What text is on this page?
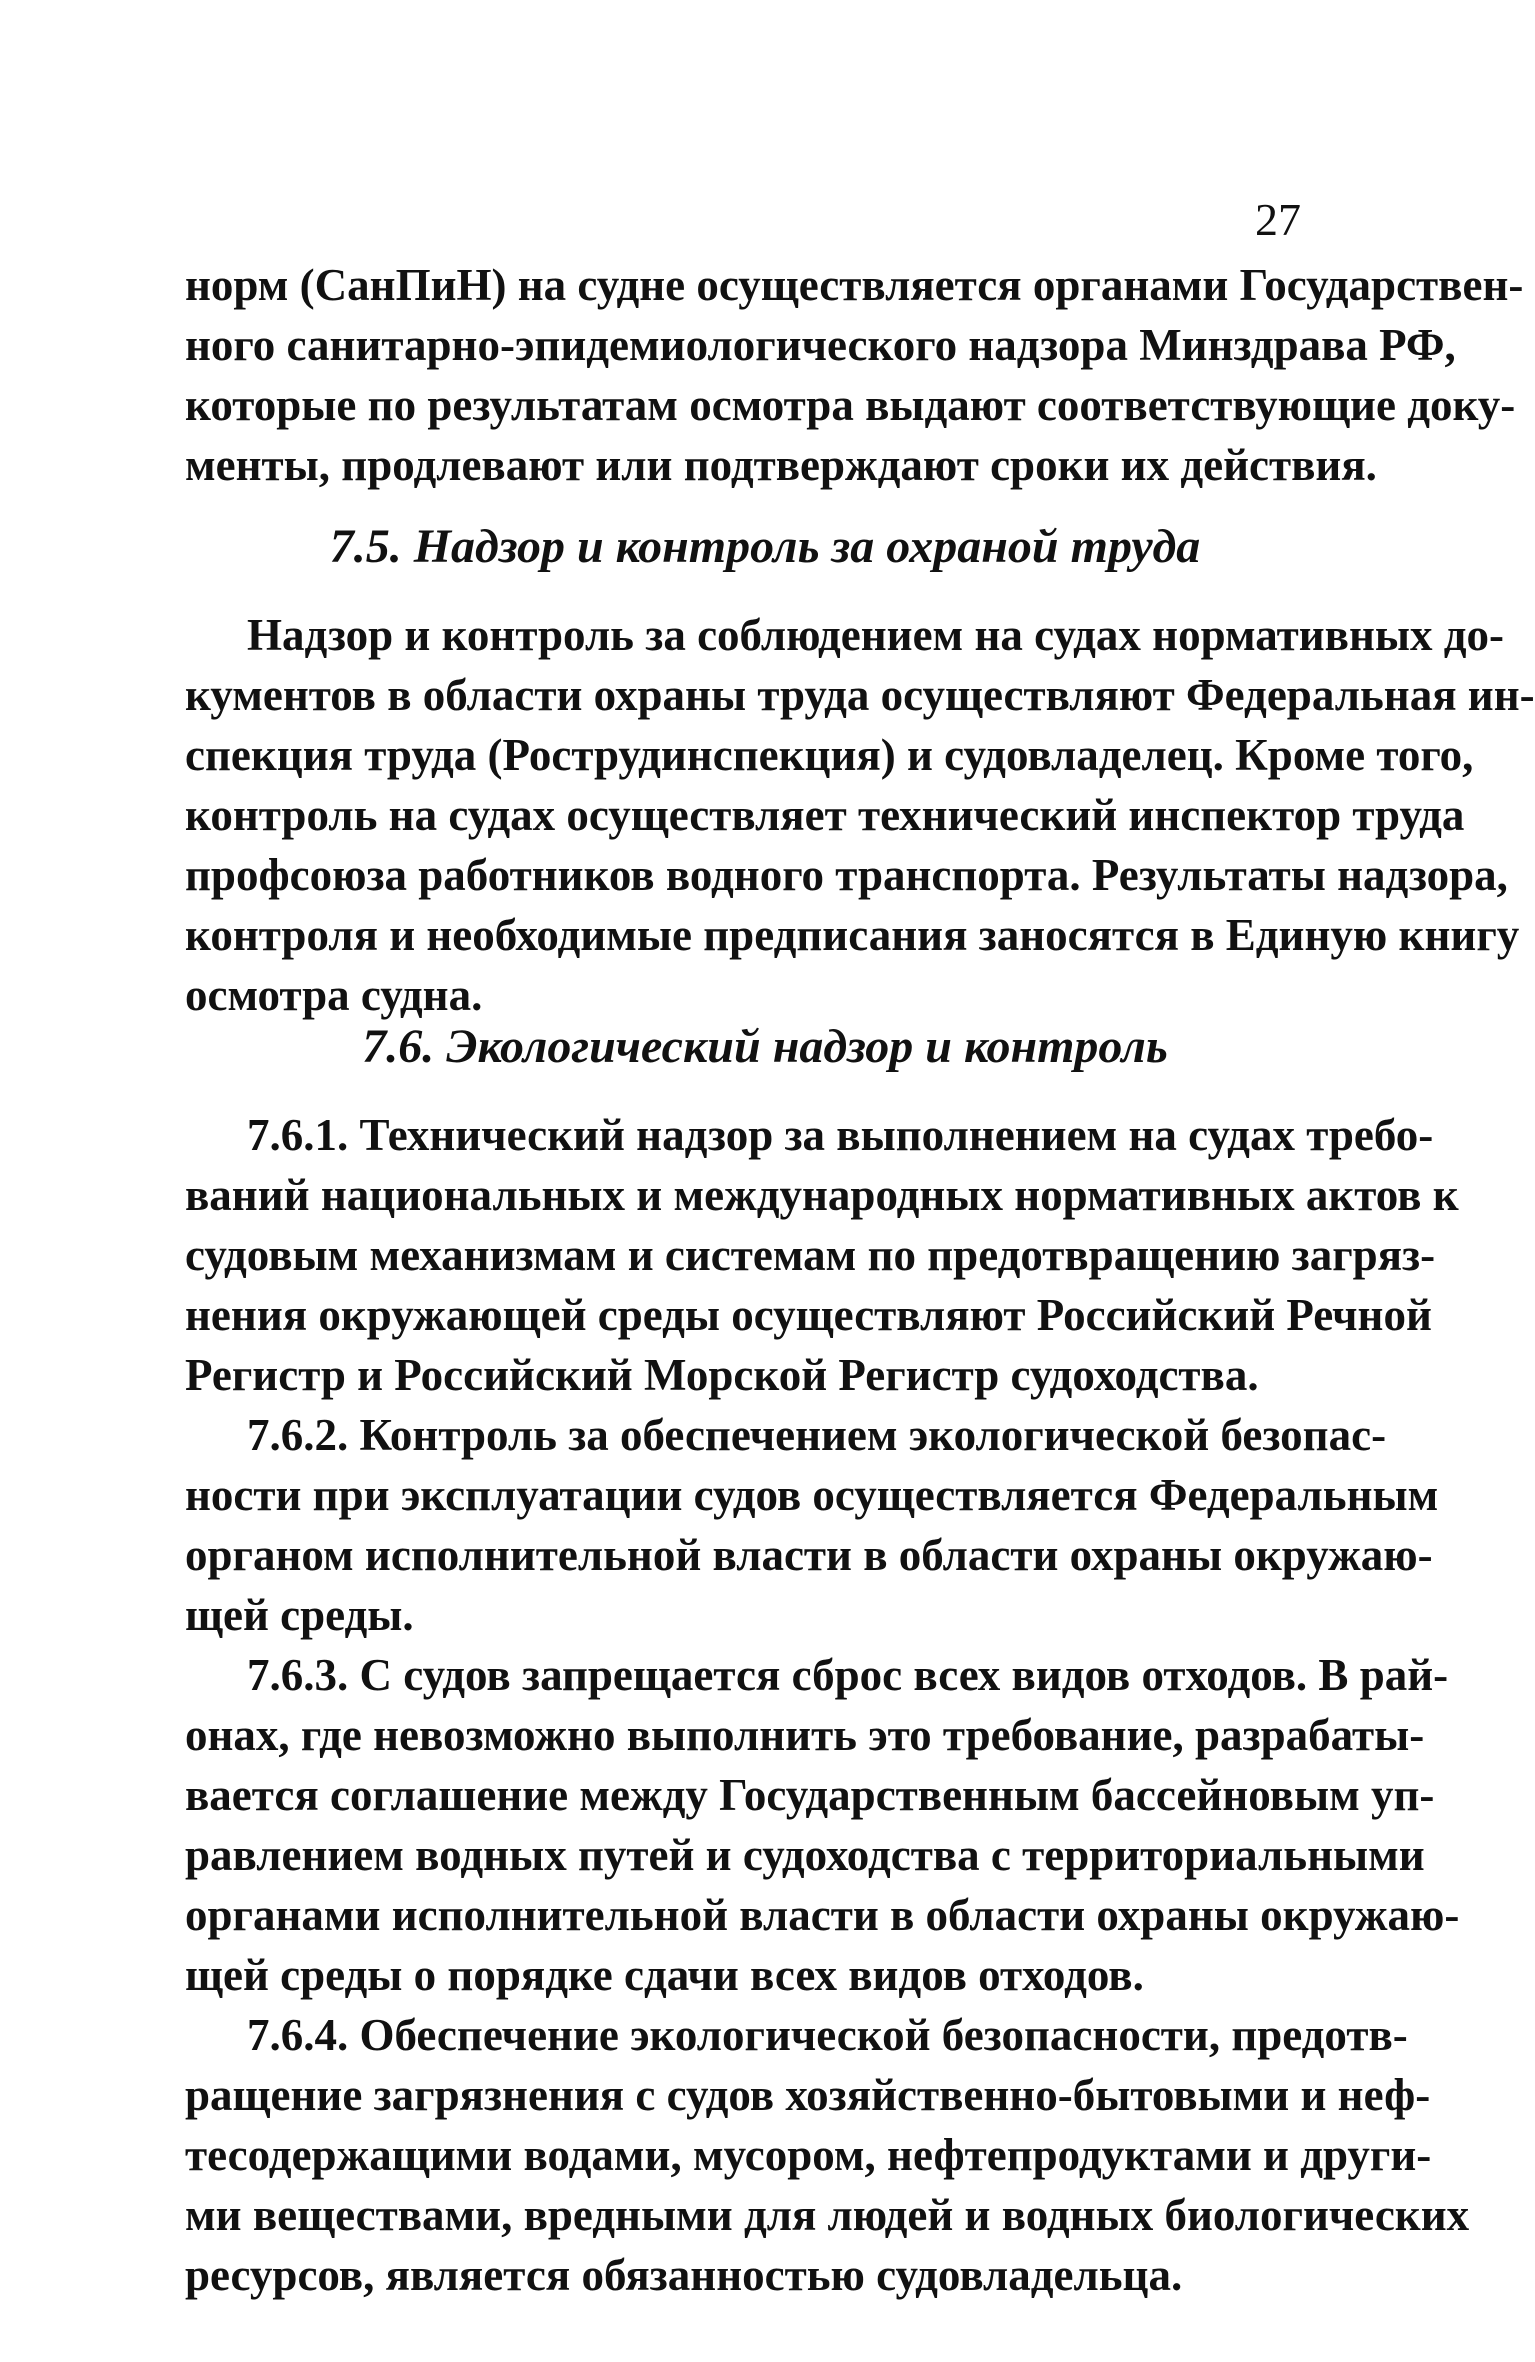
27
норм (СанПиН) на судне осуществляется органами Государствен-
ного санитарно-эпидемиологического надзора Минздрава РФ,
которые по результатам осмотра выдают соответствующие доку-
менты, продлевают или подтверждают сроки их действия.
7.5. Надзор и контроль за охраной труда
Надзор и контроль за соблюдением на судах нормативных до-
кументов в области охраны труда осуществляют Федеральная ин-
спекция труда (Рострудинспекция) и судовладелец. Кроме того,
контроль на судах осуществляет технический инспектор труда
профсоюза работников водного транспорта. Результаты надзора,
контроля и необходимые предписания заносятся в Единую книгу
осмотра судна.
7.6. Экологический надзор и контроль
7.6.1. Технический надзор за выполнением на судах требо-
ваний национальных и международных нормативных актов к
судовым механизмам и системам по предотвращению загряз-
нения окружающей среды осуществляют Российский Речной
Регистр и Российский Морской Регистр судоходства.
7.6.2. Контроль за обеспечением экологической безопас-
ности при эксплуатации судов осуществляется Федеральным
органом исполнительной власти в области охраны окружаю-
щей среды.
7.6.3. С судов запрещается сброс всех видов отходов. В рай-
онах, где невозможно выполнить это требование, разрабаты-
вается соглашение между Государственным бассейновым уп-
равлением водных путей и судоходства с территориальными
органами исполнительной власти в области охраны окружаю-
щей среды о порядке сдачи всех видов отходов.
7.6.4. Обеспечение экологической безопасности, предотв-
ращение загрязнения с судов хозяйственно-бытовыми и неф-
тесодержащими водами, мусором, нефтепродуктами и други-
ми веществами, вредными для людей и водных биологических
ресурсов, является обязанностью судовладельца.
